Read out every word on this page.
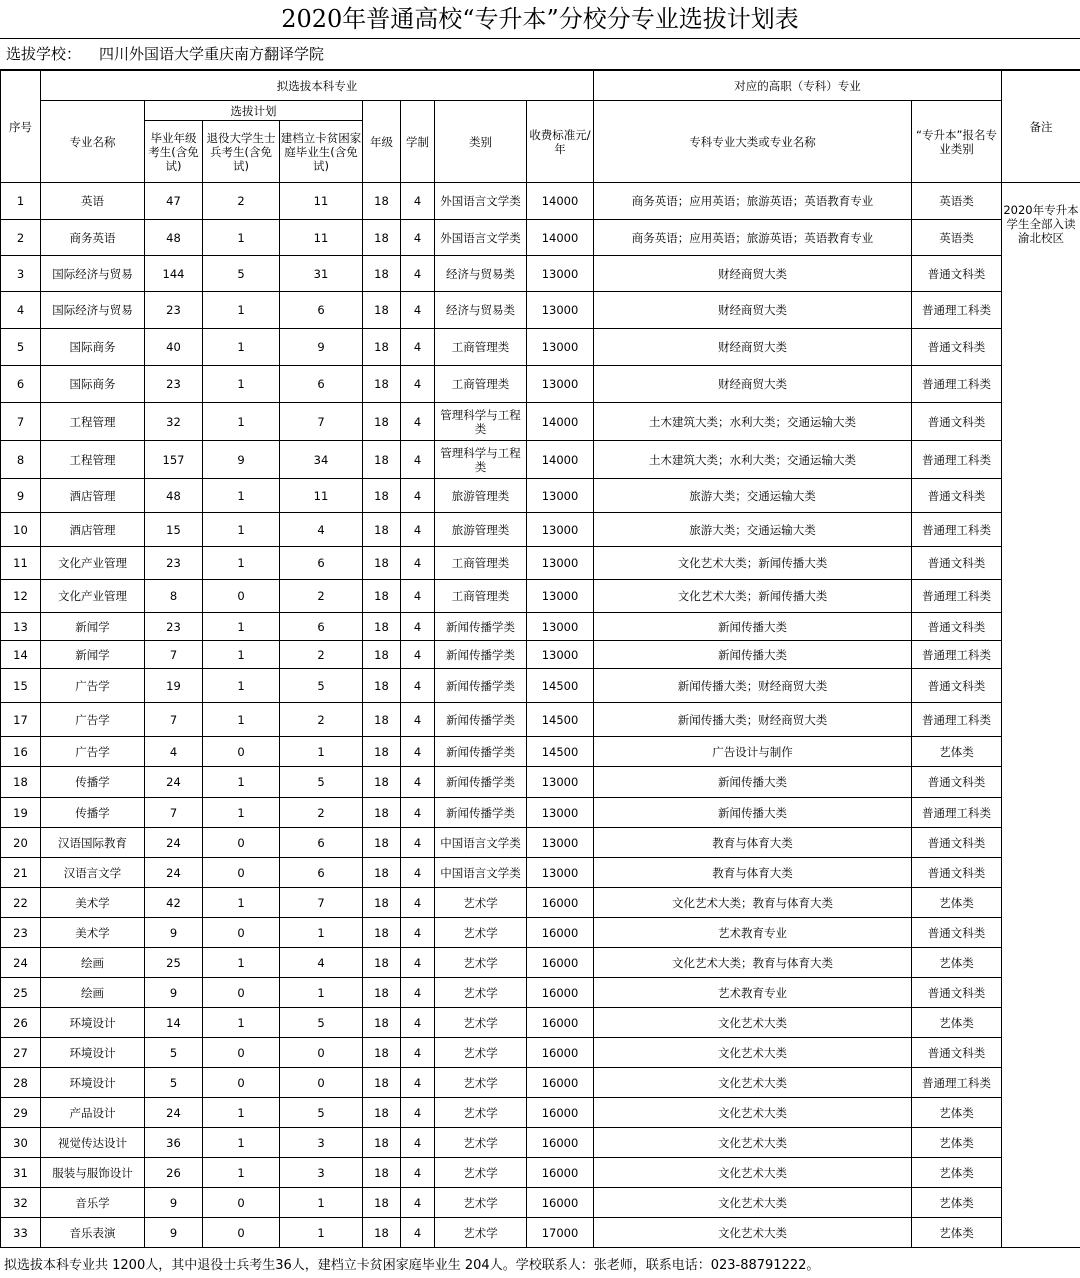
2020年普通高校“专升本”分校分专业选拔计划表
选拔学校： 四川外国语大学重庆南方翻译学院
序号	拟选拔本科专业								对应的高职（专科）专业		备注
	专业名称	选拔计划			年级	学制	类别	收费标准元/年	专科专业大类或专业名称	“专升本”报名专业类别	
		毕业年级考生(含免试)	退役大学生士兵考生(含免试)	建档立卡贫困家庭毕业生(含免试)							
1	英语	47	2	11	18	4	外国语言文学类	14000	商务英语；应用英语；旅游英语；英语教育专业	英语类	2020年专升本学生全部入读渝北校区
2	商务英语	48	1	11	18	4	外国语言文学类	14000	商务英语；应用英语；旅游英语；英语教育专业	英语类	
3	国际经济与贸易	144	5	31	18	4	经济与贸易类	13000	财经商贸大类	普通文科类	
4	国际经济与贸易	23	1	6	18	4	经济与贸易类	13000	财经商贸大类	普通理工科类	
5	国际商务	40	1	9	18	4	工商管理类	13000	财经商贸大类	普通文科类	
6	国际商务	23	1	6	18	4	工商管理类	13000	财经商贸大类	普通理工科类	
7	工程管理	32	1	7	18	4	管理科学与工程类	14000	土木建筑大类；水利大类；交通运输大类	普通文科类	
8	工程管理	157	9	34	18	4	管理科学与工程类	14000	土木建筑大类；水利大类；交通运输大类	普通理工科类	
9	酒店管理	48	1	11	18	4	旅游管理类	13000	旅游大类；交通运输大类	普通文科类	
10	酒店管理	15	1	4	18	4	旅游管理类	13000	旅游大类；交通运输大类	普通理工科类	
11	文化产业管理	23	1	6	18	4	工商管理类	13000	文化艺术大类；新闻传播大类	普通文科类	
12	文化产业管理	8	0	2	18	4	工商管理类	13000	文化艺术大类；新闻传播大类	普通理工科类	
13	新闻学	23	1	6	18	4	新闻传播学类	13000	新闻传播大类	普通文科类	
14	新闻学	7	1	2	18	4	新闻传播学类	13000	新闻传播大类	普通理工科类	
15	广告学	19	1	5	18	4	新闻传播学类	14500	新闻传播大类；财经商贸大类	普通文科类	
17	广告学	7	1	2	18	4	新闻传播学类	14500	新闻传播大类；财经商贸大类	普通理工科类	
16	广告学	4	0	1	18	4	新闻传播学类	14500	广告设计与制作	艺体类	
18	传播学	24	1	5	18	4	新闻传播学类	13000	新闻传播大类	普通文科类	
19	传播学	7	1	2	18	4	新闻传播学类	13000	新闻传播大类	普通理工科类	
20	汉语国际教育	24	0	6	18	4	中国语言文学类	13000	教育与体育大类	普通文科类	
21	汉语言文学	24	0	6	18	4	中国语言文学类	13000	教育与体育大类	普通文科类	
22	美术学	42	1	7	18	4	艺术学	16000	文化艺术大类；教育与体育大类	艺体类	
23	美术学	9	0	1	18	4	艺术学	16000	艺术教育专业	普通文科类	
24	绘画	25	1	4	18	4	艺术学	16000	文化艺术大类；教育与体育大类	艺体类	
25	绘画	9	0	1	18	4	艺术学	16000	艺术教育专业	普通文科类	
26	环境设计	14	1	5	18	4	艺术学	16000	文化艺术大类	艺体类	
27	环境设计	5	0	0	18	4	艺术学	16000	文化艺术大类	普通文科类	
28	环境设计	5	0	0	18	4	艺术学	16000	文化艺术大类	普通理工科类	
29	产品设计	24	1	5	18	4	艺术学	16000	文化艺术大类	艺体类	
30	视觉传达设计	36	1	3	18	4	艺术学	16000	文化艺术大类	艺体类	
31	服装与服饰设计	26	1	3	18	4	艺术学	16000	文化艺术大类	艺体类	
32	音乐学	9	0	1	18	4	艺术学	16000	文化艺术大类	艺体类	
33	音乐表演	9	0	1	18	4	艺术学	17000	文化艺术大类	艺体类	
拟选拔本科专业共 1200人，其中退役士兵考生36人，建档立卡贫困家庭毕业生 204人。学校联系人：张老师，联系电话：023-88791222。
